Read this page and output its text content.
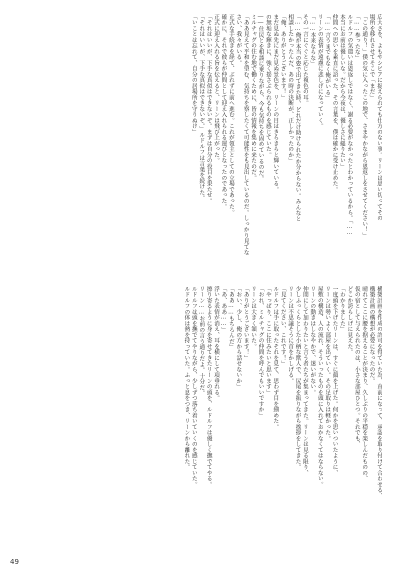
広大さを、よもやシピアに捉えられても仕方のない事。リーンは思い切ってその
場所を移れさせてそこで「まだ」
「この通り！」僕の気に入ったこの地で、さまやかながら恩返しをさせてください！」
「……参ったな」
ルドルフの気遣いは恩返しではなく、謝る必要がなかったとわかっているから。「……
本当にお前は優しいな。だから今夜は、優しさに縋りたい」
仲間への思いを素直に語った、その言葉を、僕は確かに受け止めた。
「……言うまでもなく俺がいる」
リーンの表情が遠慮に悲しげになっていく。
「……本来ならな」
その一言にぐぐと応じた複色の耳。
「……俺が本当の姿で出てきた時、どれだけ助けられたか分からない。みんなと
相談したかったんだ、あの時の決断が、正しかったのか」
「俺、ありがとうございます！」
まだ見ぬ先にまだ見ぬ景色を、リーンの目はきらきらと輝いている。
の無垢な輝きに、強く揺さぶられるものを感じていた。
――仕民とを相談に乗りながら、今も気持ちを固めているのだ。
ミルチャグの住む地で働くために、皆の情報を集めに来たのだ。
「ああ見えて平和を望む、気持ちを察したくて可能性をも見出しているのだ。しっかり見てな
さい、我々がいる。
正式な手続きを経て、ぶれずに前へ進む。これが領主としての立場であった。
確かに、それで彼らが仲間として迎え入れられる運びとなったのであった。
正式に迎え入れる旨を伝えると、リーンは飛び上がった。
「それはいいが、下手な真似はできないぞ。まずは自分の役目を果たせ。
「それはいいが、下手な真似はできないぞ。」ルドルフは言葉を続けた。
「いことは忘れて、自分の居場所を守りぬけ」
構築計画を作成の許可を得ていた為、直前になって、承認を取り付けて合わせる、
構築計画の構想が必要になったのだ。
晴れてここに腰を据えることが決まり、久しぶりの平穏を楽しんだものの、
仮の宿として与えられたのは、小さな部屋ひとつ。それでも、
どこか誇らしげに見えた。
「わかりました」
一度頭を下げたリーンは、すぐに顔を上げた。何かを思いついたように、
リーンは勢いよく部屋を出ていく。その足取りは軽かった。
屋敷の構造、人の流れ、そういったものを頭に入れておかなくてはならない。
リーンの動きはしなやかで、迷いがない。
仲間にして加わりたいと言う者たちが集まってきた。リーンは見る限り、
少しふっくらとした小柄な獣人で、尻尾を振りながら挨拶をしてきた。
リーンは不思議そうに首をかしげる。
「見てください、これです！」
ルドルフは手に取ったそれを見て、思わず目を細めた。
「やっぱり、ここに住みたいと思います」
「おれ、ミルチャグの仲間を呼んでもいいですか」
リーンは大きく頷いた。
「ありがとうございます！」
「おい、少し、俺の方から話せないか」
「ああ……もちろんだ」
「あ、ああ……」
浮いた表情が消え、耳を横にして項垂れる。
擦り寄るように身を寄せてきたリーンの頭を、ルドルフは優しく撫でてやる。
リーン……お前の言う通りだよ。十分だ。
ルドルフは頭を撫でてやりながら、少しずつ落ち着いていくのを感じていた。
ルドルフの体は熱を持っていた。ふっと息をつき、リーンから離れた。
49
